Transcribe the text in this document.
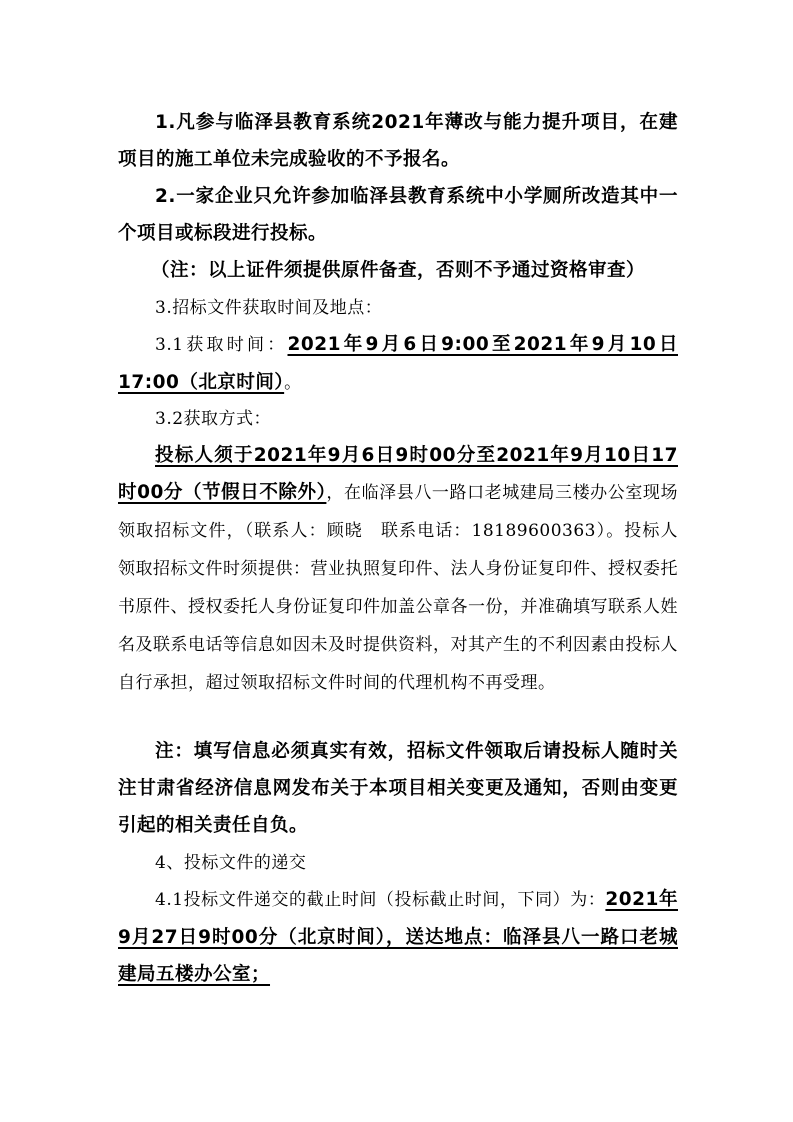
1.凡参与临泽县教育系统2021年薄改与能力提升项目，在建项目的施工单位未完成验收的不予报名。

2.一家企业只允许参加临泽县教育系统中小学厕所改造其中一个项目或标段进行投标。

（注：以上证件须提供原件备查，否则不予通过资格审查）

3.招标文件获取时间及地点：

3.1获取时间：2021年9月6日9:00至2021年9月10日17:00（北京时间）。

3.2获取方式：

投标人须于2021年9月6日9时00分至2021年9月10日17时00分（节假日不除外），在临泽县八一路口老城建局三楼办公室现场领取招标文件，（联系人：顾晓　联系电话：18189600363）。投标人领取招标文件时须提供：营业执照复印件、法人身份证复印件、授权委托书原件、授权委托人身份证复印件加盖公章各一份，并准确填写联系人姓名及联系电话等信息如因未及时提供资料，对其产生的不利因素由投标人自行承担，超过领取招标文件时间的代理机构不再受理。

注：填写信息必须真实有效，招标文件领取后请投标人随时关注甘肃省经济信息网发布关于本项目相关变更及通知，否则由变更引起的相关责任自负。

4、投标文件的递交

4.1投标文件递交的截止时间（投标截止时间，下同）为：2021年9月27日9时00分（北京时间），送达地点：临泽县八一路口老城建局五楼办公室；
